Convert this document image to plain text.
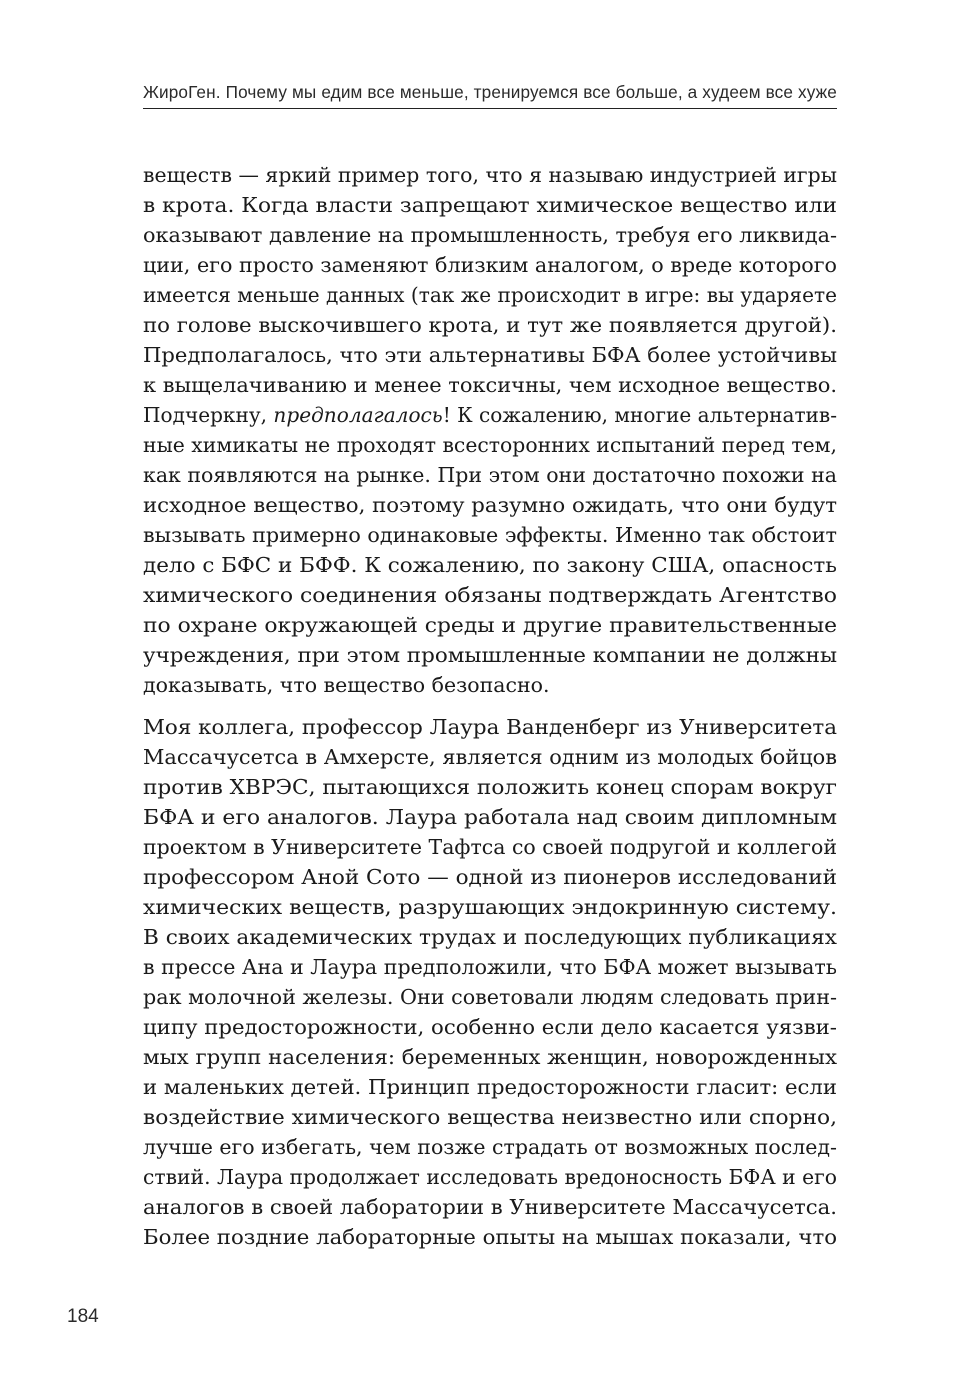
ЖироГен. Почему мы едим все меньше, тренируемся все больше, а худеем все хуже

веществ — яркий пример того, что я называю индустрией игры
в крота. Когда власти запрещают химическое вещество или
оказывают давление на промышленность, требуя его ликвида-
ции, его просто заменяют близким аналогом, о вреде которого
имеется меньше данных (так же происходит в игре: вы ударяете
по голове выскочившего крота, и тут же появляется другой).
Предполагалось, что эти альтернативы БФА более устойчивы
к выщелачиванию и менее токсичны, чем исходное вещество.
Подчеркну, предполагалось! К сожалению, многие альтернатив-
ные химикаты не проходят всесторонних испытаний перед тем,
как появляются на рынке. При этом они достаточно похожи на
исходное вещество, поэтому разумно ожидать, что они будут
вызывать примерно одинаковые эффекты. Именно так обстоит
дело с БФС и БФФ. К сожалению, по закону США, опасность
химического соединения обязаны подтверждать Агентство
по охране окружающей среды и другие правительственные
учреждения, при этом промышленные компании не должны
доказывать, что вещество безопасно.

Моя коллега, профессор Лаура Ванденберг из Университета
Массачусетса в Амхерсте, является одним из молодых бойцов
против ХВРЭС, пытающихся положить конец спорам вокруг
БФА и его аналогов. Лаура работала над своим дипломным
проектом в Университете Тафтса со своей подругой и коллегой
профессором Аной Сото — одной из пионеров исследований
химических веществ, разрушающих эндокринную систему.
В своих академических трудах и последующих публикациях
в прессе Ана и Лаура предположили, что БФА может вызывать
рак молочной железы. Они советовали людям следовать прин-
ципу предосторожности, особенно если дело касается уязви-
мых групп населения: беременных женщин, новорожденных
и маленьких детей. Принцип предосторожности гласит: если
воздействие химического вещества неизвестно или спорно,
лучше его избегать, чем позже страдать от возможных послед-
ствий. Лаура продолжает исследовать вредоносность БФА и его
аналогов в своей лаборатории в Университете Массачусетса.
Более поздние лабораторные опыты на мышах показали, что

184
